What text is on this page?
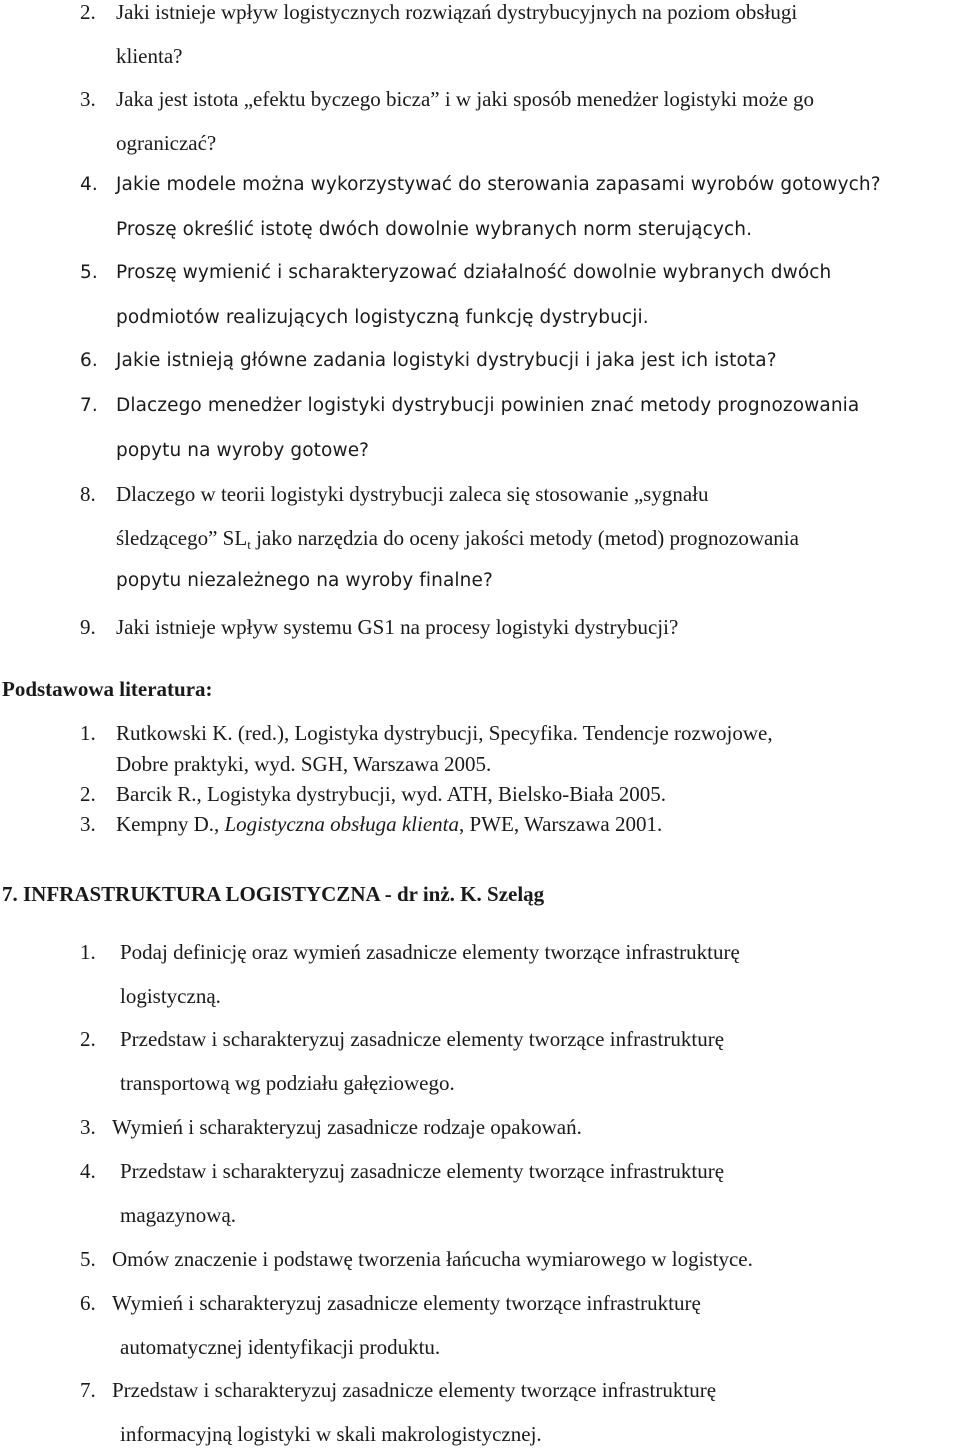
2. Jaki istnieje wpływ logistycznych rozwiązań dystrybucyjnych na poziom obsługi
klienta?
3. Jaka jest istota „efektu byczego bicza” i w jaki sposób menedżer logistyki może go
ograniczać?
4. Jakie modele można wykorzystywać do sterowania zapasami wyrobów gotowych?
Proszę określić istotę dwóch dowolnie wybranych norm sterujących.
5. Proszę wymienić i scharakteryzować działalność dowolnie wybranych dwóch
podmiotów realizujących logistyczną funkcję dystrybucji.
6. Jakie istnieją główne zadania logistyki dystrybucji i jaka jest ich istota?
7. Dlaczego menedżer logistyki dystrybucji powinien znać metody prognozowania
popytu na wyroby gotowe?
8. Dlaczego w teorii logistyki dystrybucji zaleca się stosowanie „sygnału
śledzącego” $SL_t$ jako narzędzia do oceny jakości metody (metod) prognozowania
popytu niezależnego na wyroby finalne?
9. Jaki istnieje wpływ systemu GS1 na procesy logistyki dystrybucji?
Podstawowa literatura:
1. Rutkowski K. (red.), Logistyka dystrybucji, Specyfika. Tendencje rozwojowe,
Dobre praktyki, wyd. SGH, Warszawa 2005.
2. Barcik R., Logistyka dystrybucji, wyd. ATH, Bielsko-Biała 2005.
3. Kempny D., Logistyczna obsługa klienta, PWE, Warszawa 2001.
7. INFRASTRUKTURA LOGISTYCZNA - dr inż. K. Szeląg
1. Podaj definicję oraz wymień zasadnicze elementy tworzące infrastrukturę
logistyczną.
2. Przedstaw i scharakteryzuj zasadnicze elementy tworzące infrastrukturę
transportową wg podziału gałęziowego.
3. Wymień i scharakteryzuj zasadnicze rodzaje opakowań.
4. Przedstaw i scharakteryzuj zasadnicze elementy tworzące infrastrukturę
magazynową.
5. Omów znaczenie i podstawę tworzenia łańcucha wymiarowego w logistyce.
6. Wymień i scharakteryzuj zasadnicze elementy tworzące infrastrukturę
automatycznej identyfikacji produktu.
7. Przedstaw i scharakteryzuj zasadnicze elementy tworzące infrastrukturę
informacyjną logistyki w skali makrologistycznej.
